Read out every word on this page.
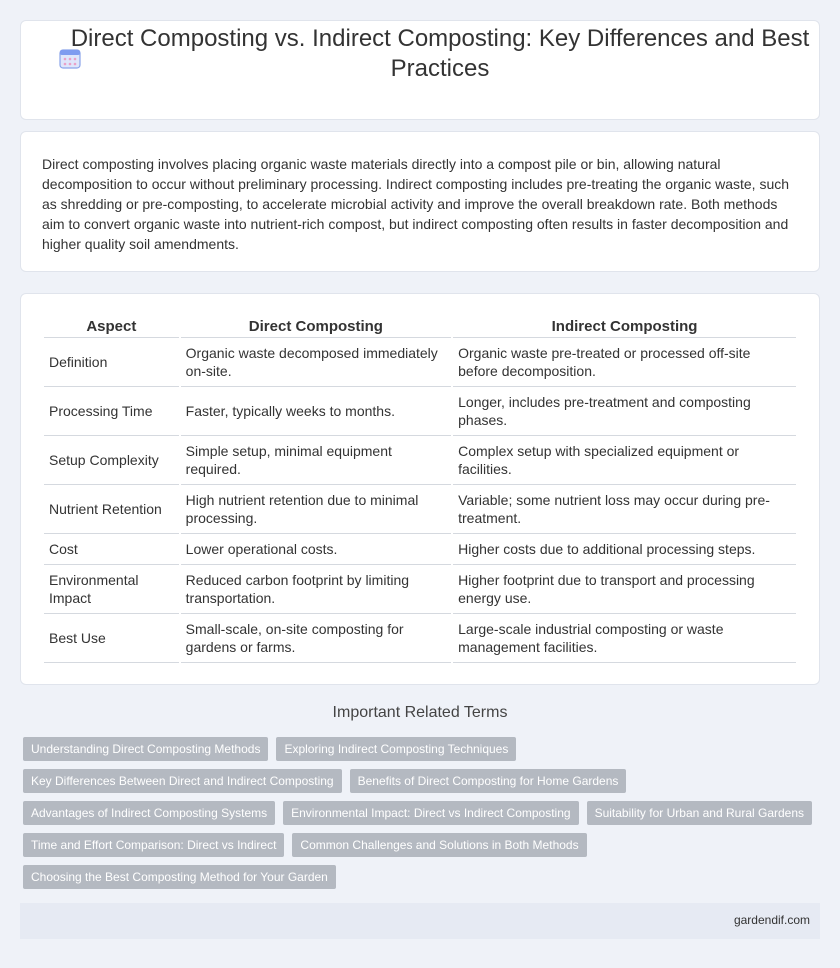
Direct Composting vs. Indirect Composting: Key Differences and Best Practices

Direct composting involves placing organic waste materials directly into a compost pile or bin, allowing natural decomposition to occur without preliminary processing. Indirect composting includes pre-treating the organic waste, such as shredding or pre-composting, to accelerate microbial activity and improve the overall breakdown rate. Both methods aim to convert organic waste into nutrient-rich compost, but indirect composting often results in faster decomposition and higher quality soil amendments.

Aspect	Direct Composting	Indirect Composting
Definition	Organic waste decomposed immediately on-site.	Organic waste pre-treated or processed off-site before decomposition.
Processing Time	Faster, typically weeks to months.	Longer, includes pre-treatment and composting phases.
Setup Complexity	Simple setup, minimal equipment required.	Complex setup with specialized equipment or facilities.
Nutrient Retention	High nutrient retention due to minimal processing.	Variable; some nutrient loss may occur during pre-treatment.
Cost	Lower operational costs.	Higher costs due to additional processing steps.
Environmental Impact	Reduced carbon footprint by limiting transportation.	Higher footprint due to transport and processing energy use.
Best Use	Small-scale, on-site composting for gardens or farms.	Large-scale industrial composting or waste management facilities.
Important Related Terms
Understanding Direct Composting Methods	Exploring Indirect Composting Techniques
Key Differences Between Direct and Indirect Composting	Benefits of Direct Composting for Home Gardens
Advantages of Indirect Composting Systems	Environmental Impact: Direct vs Indirect Composting	Suitability for Urban and Rural Gardens
Time and Effort Comparison: Direct vs Indirect	Common Challenges and Solutions in Both Methods
Choosing the Best Composting Method for Your Garden
gardendif.com
